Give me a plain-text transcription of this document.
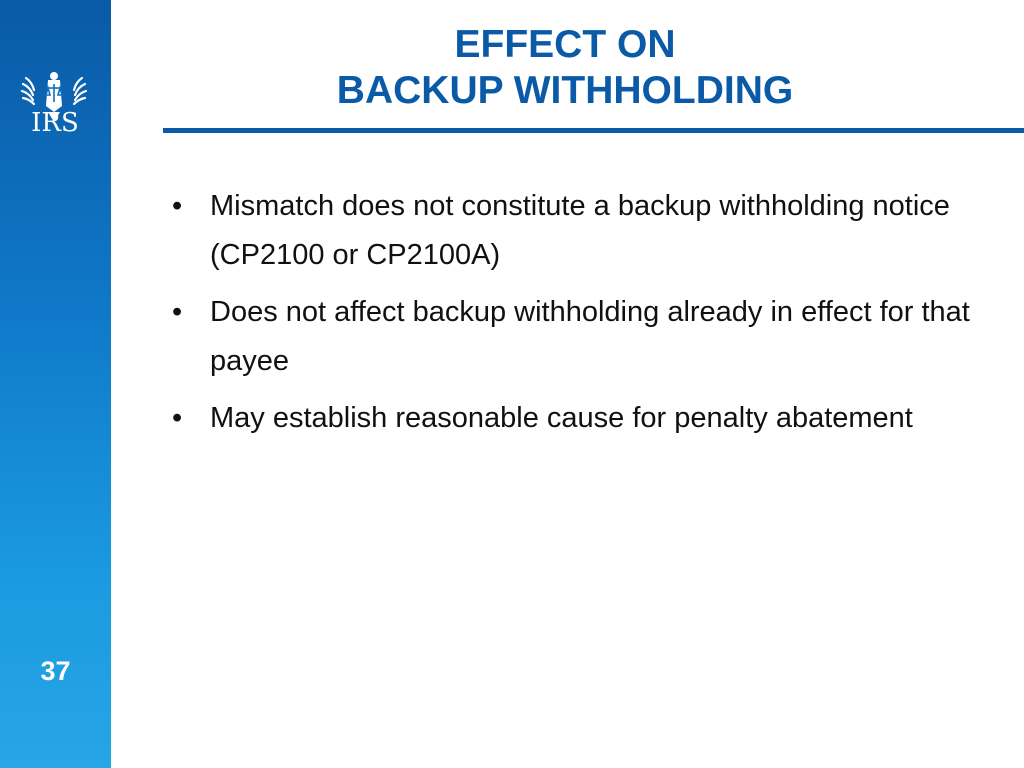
IRS
37
EFFECT ON
BACKUP WITHHOLDING
• Mismatch does not constitute a backup withholding notice (CP2100 or CP2100A)
• Does not affect backup withholding already in effect for that payee
• May establish reasonable cause for penalty abatement
